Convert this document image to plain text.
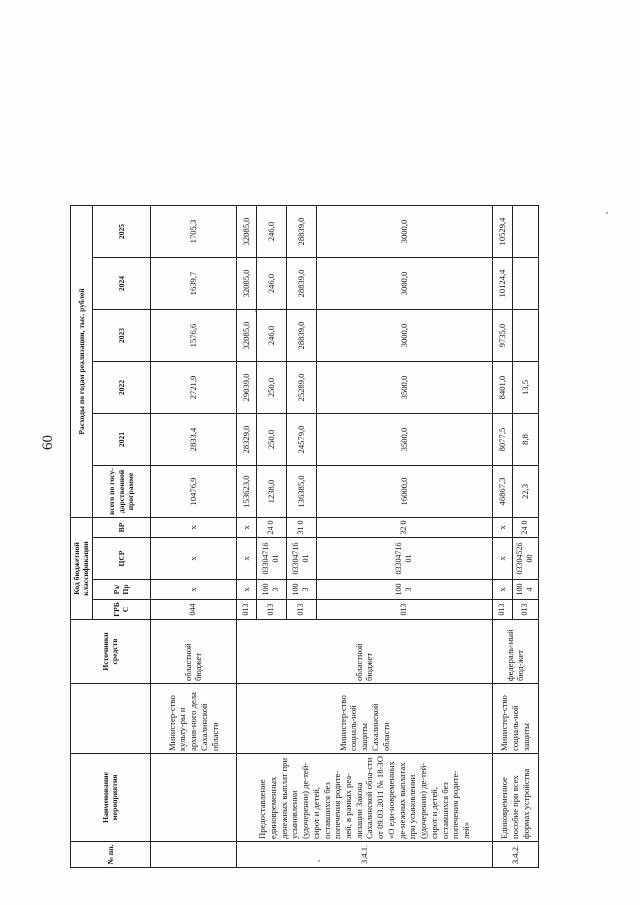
60
№ пп.	Наименование мероприятия		Источники средств	Код бюджетной классификации				Расходы по годам реализации, тыс. рублей					
				ГРБ С	Рз/ Пр	ЦСР	ВР	всего по госу-дарственной программе	2021	2022	2023	2024	2025
		Министер-ство культу-ры и архив-ного дела Сахалинской области	областной бюджет	044	x	x	x	10476,9	2833,4	2721,9	1576,6	1639,7	1705,3
3.4.1.	Предоставление единовременных денежных выплат при усыновлении (удочерении) де-тей-сирот и детей, оставшихся без попечения родите-лей, в рамках реа-лизации Закона Сахалинской обла-сти от 09.03.2011 № 18-ЗО «О еди-новременных де-нежных выплатах при усыновлении (удочерении) де-тей-сирот и детей, оставшихся без попечения родите-лей»	Министер-ство социаль-ной защиты Сахалинской области	областной бюджет	013	x	x	x	153623,0	28329,0	29039,0	32085,0	32085,0	32085,0
				013	100 3	03304716 01	24 0	1238,0	250,0	250,0	246,0	246,0	246,0
				013	100 3	03304716 01	31 0	136385,0	24579,0	25289,0	28839,0	28839,0	28839,0
				013	100 3	03304716 01	32 0	16000,0	3500,0	3500,0	3000,0	3000,0	3000,0
3.4.2.	Единовременное пособие при всех формах устройства	Министер-ство социаль-ной защиты	федераль-ный бюд-жет	013	x	x	x	46867,3	8077,5	8401,0	9735,0	10124,4	10529,4
				013	100 4	03304526 00	24 0	22,3	8,8	13,5			
